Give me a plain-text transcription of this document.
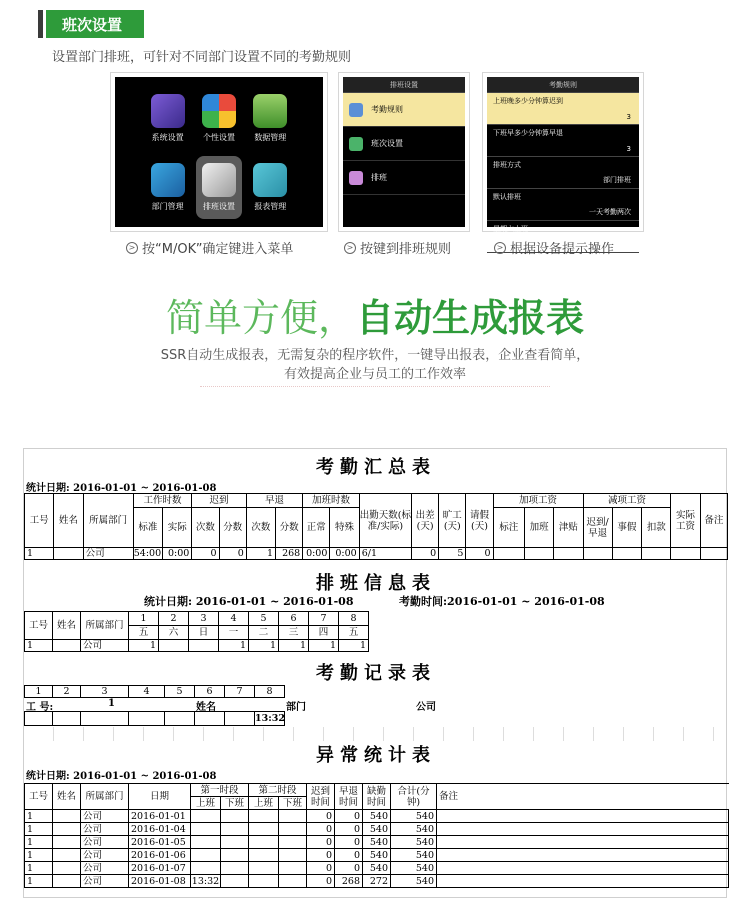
班次设置
设置部门排班，可针对不同部门设置不同的考勤规则
系统设置 个性设置 数据管理
部门管理 排班设置 报表管理
排班设置
考勤规则
班次设置
排班
考勤规则
上班晚多少分钟算迟到
3
下班早多少分钟算早退
3
排班方式
部门排班
默认排班
一天考勤两次
星期六上班
> 按“M/OK”确定键进入菜单	> 按键到排班规则	> 根据设备提示操作
简单方便，自动生成报表
SSR自动生成报表，无需复杂的程序软件，一键导出报表，企业查看简单，
有效提高企业与员工的工作效率
考勤汇总表
统计日期: 2016-01-01 ~ 2016-01-08
工号	姓名	所属部门	工作时数		迟到		早退		加班时数		出勤天数(标准/实际)	出差(天)	旷工(天)	请假(天)	加项工资			减项工资			实际工资	备注
			标准	实际	次数	分数	次数	分数	正常	特殊					标注	加班	津贴	迟到/早退	事假	扣款		
1		公司	54:00	0:00	0	0	1	268	0:00	0:00	6/1	0	5	0								
排班信息表
统计日期: 2016-01-01 ~ 2016-01-08	考勤时间:2016-01-01 ~ 2016-01-08
工号	姓名	所属部门	1	2	3	4	5	6	7	8	
			五	六	日	一	二	三	四	五	
1		公司	1			1	1	1	1	1	
考勤记录表
1	2	3	4	5	6	7	8	
工 号:	1	姓名	部门	公司
							13:32	
异常统计表
统计日期: 2016-01-01 ~ 2016-01-08
工号	姓名	所属部门	日期	第一时段		第二时段		迟到时间	早退时间	缺勤时间	合计(分钟)	备注
				上班	下班	上班	下班					
1		公司	2016-01-01					0	0	540	540	
1		公司	2016-01-04					0	0	540	540	
1		公司	2016-01-05					0	0	540	540	
1		公司	2016-01-06					0	0	540	540	
1		公司	2016-01-07					0	0	540	540	
1		公司	2016-01-08	13:32				0	268	272	540	
